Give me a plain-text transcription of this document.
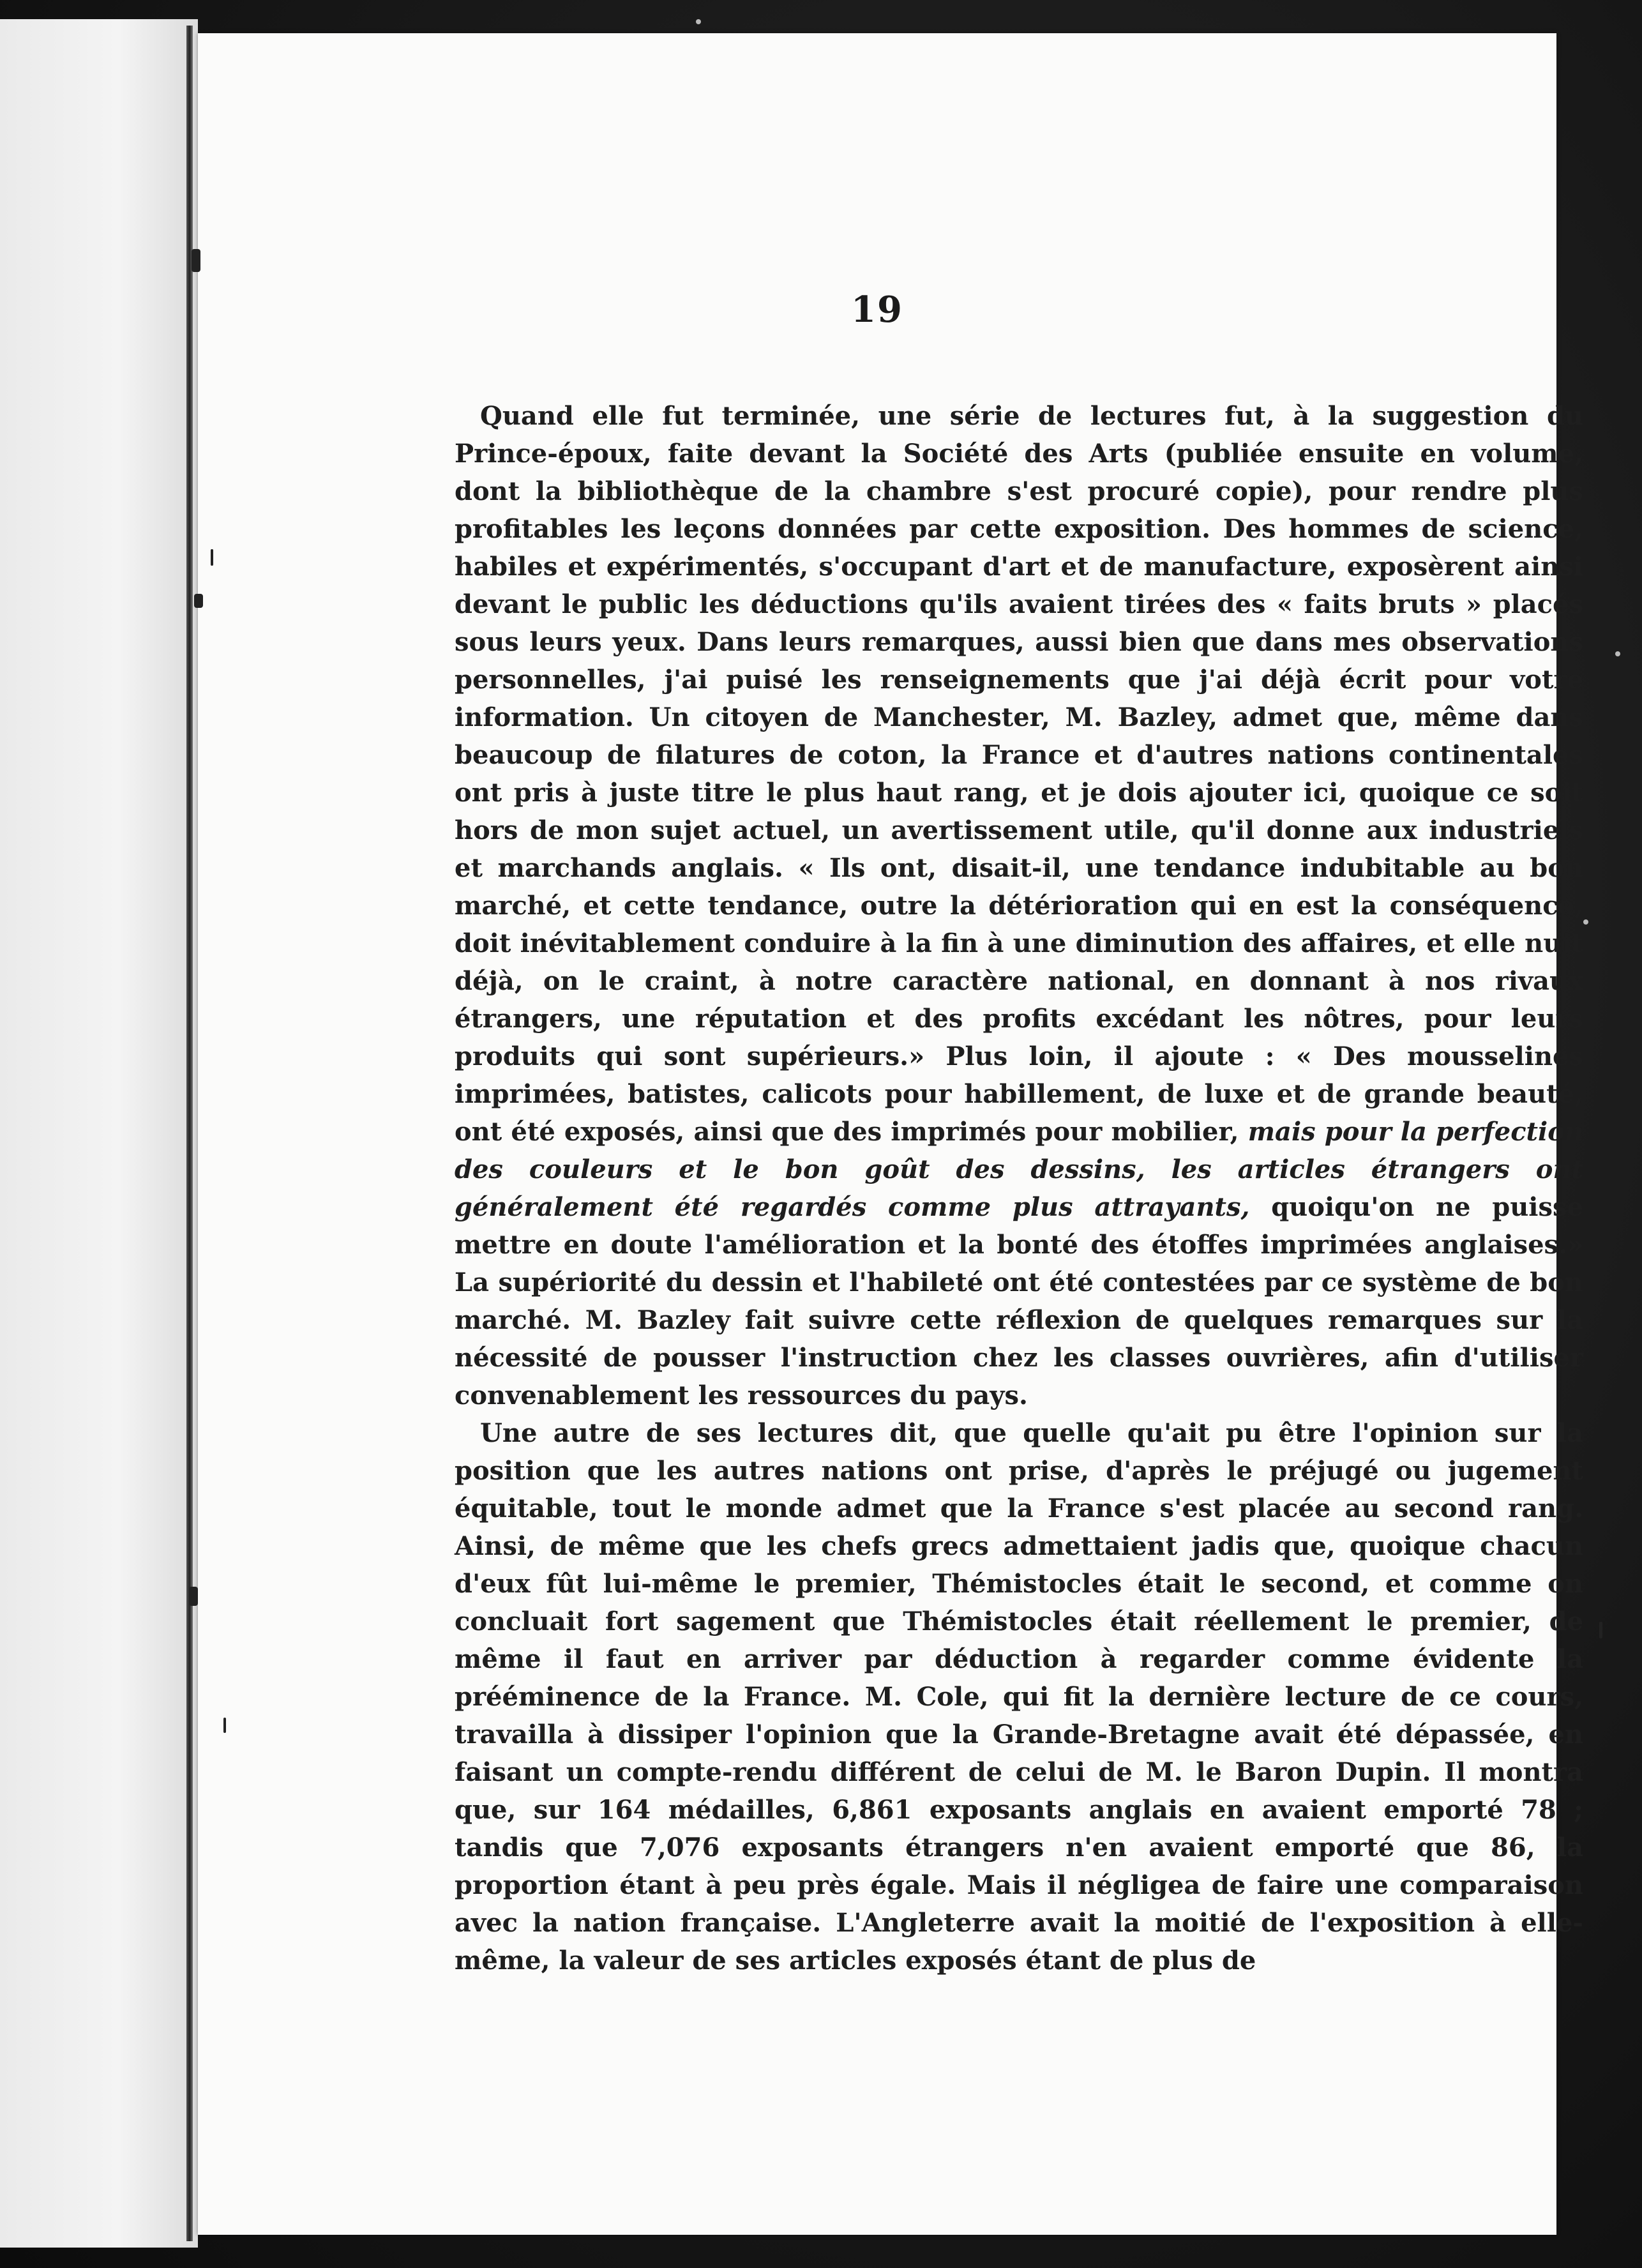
19

Quand elle fut terminée, une série de lectures fut, à la suggestion du Prince-époux, faite devant la Société des Arts (publiée ensuite en volume, dont la bibliothèque de la chambre s'est procuré copie), pour rendre plus profitables les leçons données par cette exposition. Des hommes de science, habiles et expérimentés, s'occupant d'art et de manufacture, exposèrent ainsi devant le public les déductions qu'ils avaient tirées des « faits bruts » placés sous leurs yeux. Dans leurs remarques, aussi bien que dans mes observations personnelles, j'ai puisé les renseignements que j'ai déjà écrit pour votre information. Un citoyen de Manchester, M. Bazley, admet que, même dans beaucoup de filatures de coton, la France et d'autres nations continentales ont pris à juste titre le plus haut rang, et je dois ajouter ici, quoique ce soit hors de mon sujet actuel, un avertissement utile, qu'il donne aux industriels et marchands anglais. « Ils ont, disait-il, une tendance indubitable au bon marché, et cette tendance, outre la détérioration qui en est la conséquence, doit inévitablement conduire à la fin à une diminution des affaires, et elle nuit déjà, on le craint, à notre caractère national, en donnant à nos rivaux étrangers, une réputation et des profits excédant les nôtres, pour leurs produits qui sont supérieurs.» Plus loin, il ajoute : « Des mousselines imprimées, batistes, calicots pour habillement, de luxe et de grande beauté, ont été exposés, ainsi que des imprimés pour mobilier, mais pour la perfection des couleurs et le bon goût des dessins, les articles étrangers ont généralement été regardés comme plus attrayants, quoiqu'on ne puisse mettre en doute l'amélioration et la bonté des étoffes imprimées anglaises.» La supériorité du dessin et l'habileté ont été contestées par ce système de bon marché. M. Bazley fait suivre cette réflexion de quelques remarques sur la nécessité de pousser l'instruction chez les classes ouvrières, afin d'utiliser convenablement les ressources du pays.

Une autre de ses lectures dit, que quelle qu'ait pu être l'opinion sur la position que les autres nations ont prise, d'après le préjugé ou jugement équitable, tout le monde admet que la France s'est placée au second rang. Ainsi, de même que les chefs grecs admettaient jadis que, quoique chacun d'eux fût lui-même le premier, Thémistocles était le second, et comme on concluait fort sagement que Thémistocles était réellement le premier, de même il faut en arriver par déduction à regarder comme évidente la prééminence de la France. M. Cole, qui fit la dernière lecture de ce cours, travailla à dissiper l'opinion que la Grande-Bretagne avait été dépassée, en faisant un compte-rendu différent de celui de M. le Baron Dupin. Il montra que, sur 164 médailles, 6,861 exposants anglais en avaient emporté 78 ; tandis que 7,076 exposants étrangers n'en avaient emporté que 86, la proportion étant à peu près égale. Mais il négligea de faire une comparaison avec la nation française. L'Angleterre avait la moitié de l'exposition à elle-même, la valeur de ses articles exposés étant de plus de
